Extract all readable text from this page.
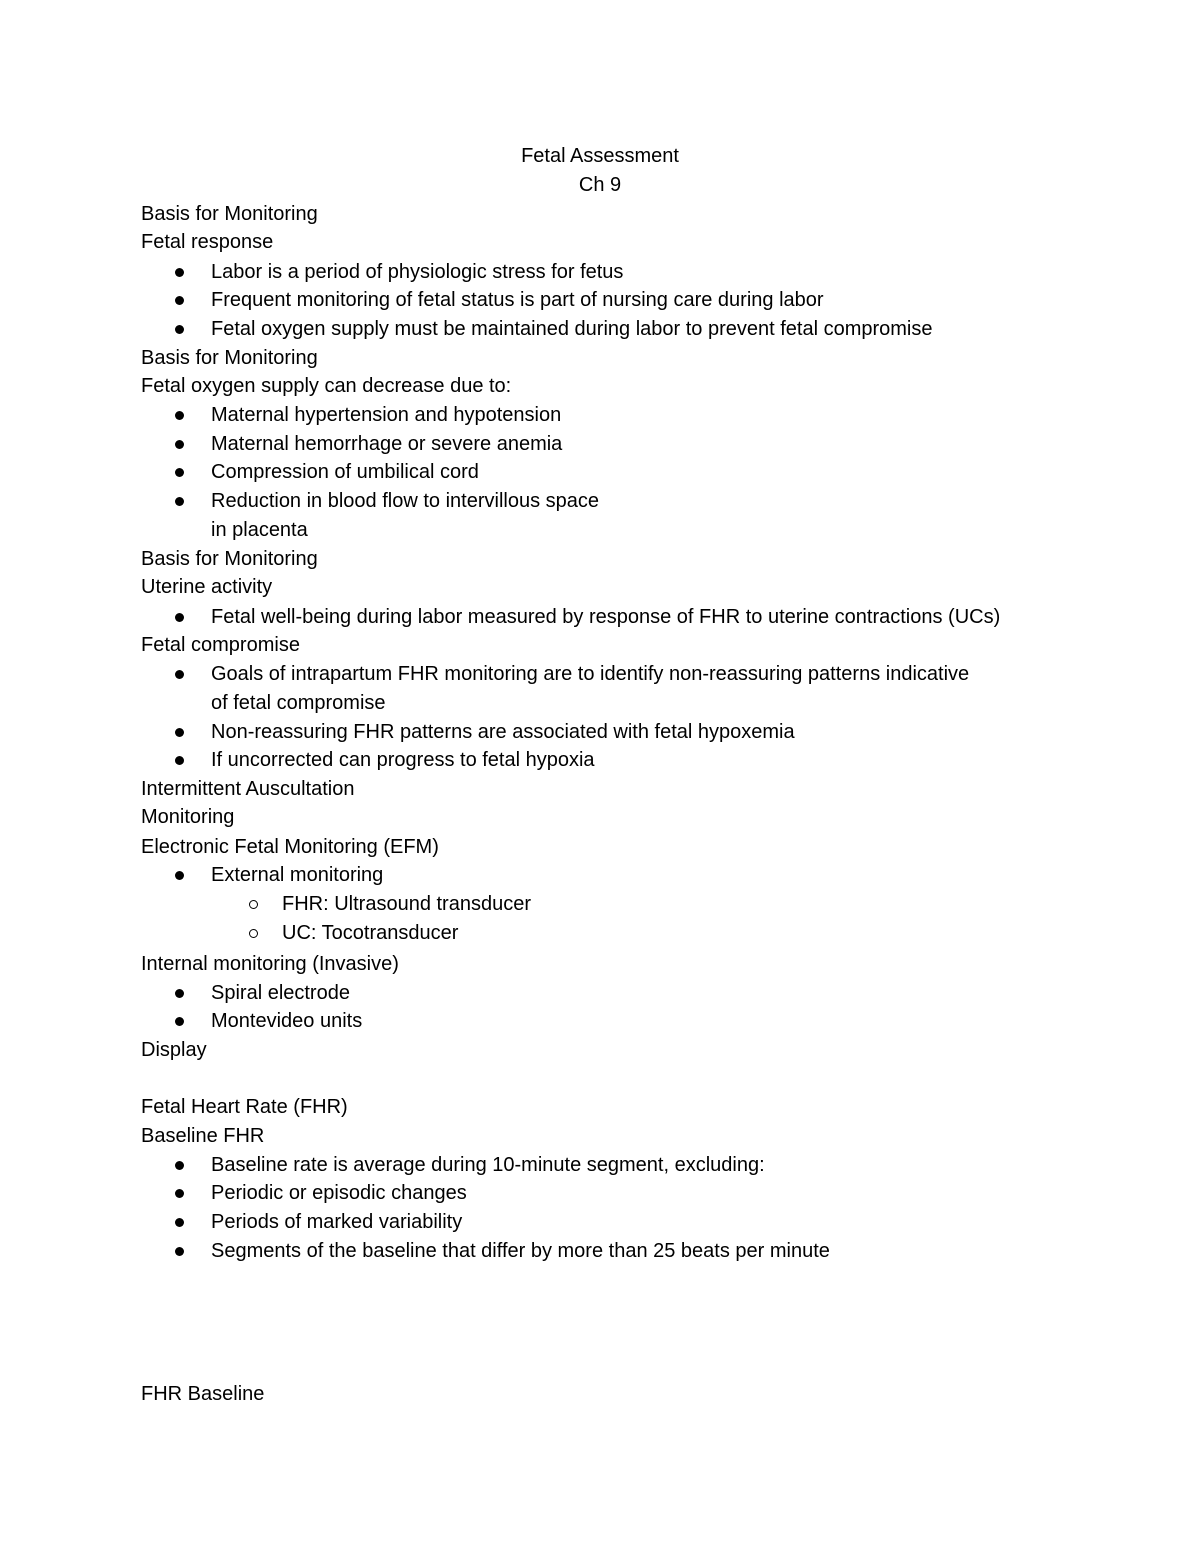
Fetal Assessment
Ch 9
Basis for Monitoring
Fetal response
Labor is a period of physiologic stress for fetus
Frequent monitoring of fetal status is part of nursing care during labor
Fetal oxygen supply must be maintained during labor to prevent fetal compromise
Basis for Monitoring
Fetal oxygen supply can decrease due to:
Maternal hypertension and hypotension
Maternal hemorrhage or severe anemia
Compression of umbilical cord
Reduction in blood flow to intervillous space
in placenta
Basis for Monitoring
Uterine activity
Fetal well-being during labor measured by response of FHR to uterine contractions (UCs)
Fetal compromise
Goals of intrapartum FHR monitoring are to identify non-reassuring patterns indicative
of fetal compromise
Non-reassuring FHR patterns are associated with fetal hypoxemia
If uncorrected can progress to fetal hypoxia
Intermittent Auscultation
Monitoring
Electronic Fetal Monitoring (EFM)
External monitoring
FHR: Ultrasound transducer
UC: Tocotransducer
Internal monitoring (Invasive)
Spiral electrode
Montevideo units
Display
Fetal Heart Rate (FHR)
Baseline FHR
Baseline rate is average during 10-minute segment, excluding:
Periodic or episodic changes
Periods of marked variability
Segments of the baseline that differ by more than 25 beats per minute
FHR Baseline
